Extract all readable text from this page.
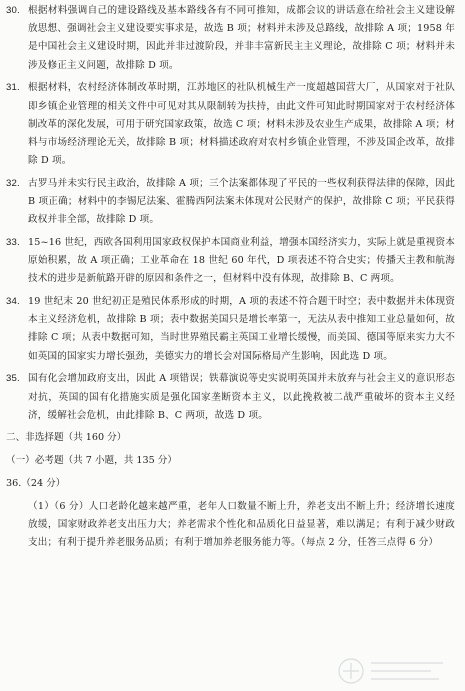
30. 根据材料强调自己的建设路线及基本路线各有不同可推知，成都会议的讲话意在给社会主义建设解放思想、强调社会主义建设要实事求是，故选 B 项；材料并未涉及总路线，故排除 A 项；1958 年是中国社会主义建设时期，因此并非过渡阶段，并非丰富新民主主义理论，故排除 C 项；材料并未涉及修正主义问题，故排除 D 项。
31. 根据材料，农村经济体制改革时期，江苏地区的社队机械生产一度超越国营大厂，从国家对于社队即乡镇企业管理的相关文件中可见对其从限制转为扶持，由此文件可知此时期国家对于农村经济体制改革的深化发展，可用于研究国家政策，故选 C 项；材料未涉及农业生产成果，故排除 A 项；材料与市场经济理论无关，故排除 B 项；材料描述政府对农村乡镇企业管理，不涉及国企改革，故排除 D 项。
32. 古罗马并未实行民主政治，故排除 A 项；三个法案都体现了平民的一些权利获得法律的保障，因此 B 项正确；材料中的李锡尼法案、霍腾西阿法案未体现对公民财产的保护，故排除 C 项；平民获得政权并非全部，故排除 D 项。
33. 15~16 世纪，西欧各国利用国家政权保护本国商业利益，增强本国经济实力，实际上就是重视资本原始积累，故 A 项正确；工业革命在 18 世纪 60 年代，D 项表述不符合史实；传播天主教和航海技术的进步是新航路开辟的原因和条件之一，但材料中没有体现，故排除 B、C 两项。
34. 19 世纪末 20 世纪初正是殖民体系形成的时期，A 项的表述不符合题干时空；表中数据并未体现资本主义经济危机，故排除 B 项；表中数据美国只是增长率第一，无法从表中推知工业总量如何，故排除 C 项；从表中数据可知，当时世界殖民霸主英国工业增长缓慢，而美国、德国等原来实力大不如英国的国家实力增长强劲，美德实力的增长会对国际格局产生影响，因此选 D 项。
35. 国有化会增加政府支出，因此 A 项错误；铁幕演说等史实说明英国并未放弃与社会主义的意识形态对抗，英国的国有化措施实质是强化国家垄断资本主义，以此挽救被二战严重破坏的资本主义经济，缓解社会危机，由此排除 B、C 两项，故选 D 项。
二、非选择题（共 160 分）
（一）必考题（共 7 小题，共 135 分）
36.（24 分）
（1）（6 分）人口老龄化越来越严重，老年人口数量不断上升，养老支出不断上升；经济增长速度放缓，国家财政养老支出压力大；养老需求个性化和品质化日益显著，难以满足；有利于减少财政支出；有利于提升养老服务品质；有利于增加养老服务能力等。（每点 2 分，任答三点得 6 分）
